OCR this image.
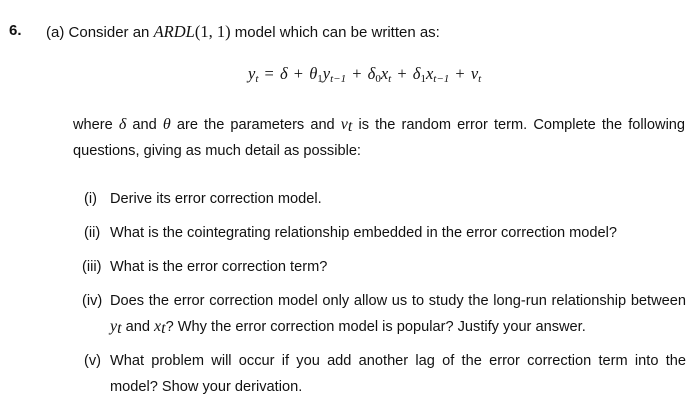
6. (a) Consider an ARDL(1, 1) model which can be written as:
$y_t = \delta + \theta_1y_{t-1} + \delta_0x_t + \delta_1x_{t-1} + v_t$
where δ and θ are the parameters and $v_t$ is the random error term. Complete the following questions, giving as much detail as possible:
(i) Derive its error correction model.
(ii) What is the cointegrating relationship embedded in the error correction model?
(iii) What is the error correction term?
(iv) Does the error correction model only allow us to study the long-run relationship between $y_t$ and $x_t$? Why the error correction model is popular? Justify your answer.
(v) What problem will occur if you add another lag of the error correction term into the model? Show your derivation.
